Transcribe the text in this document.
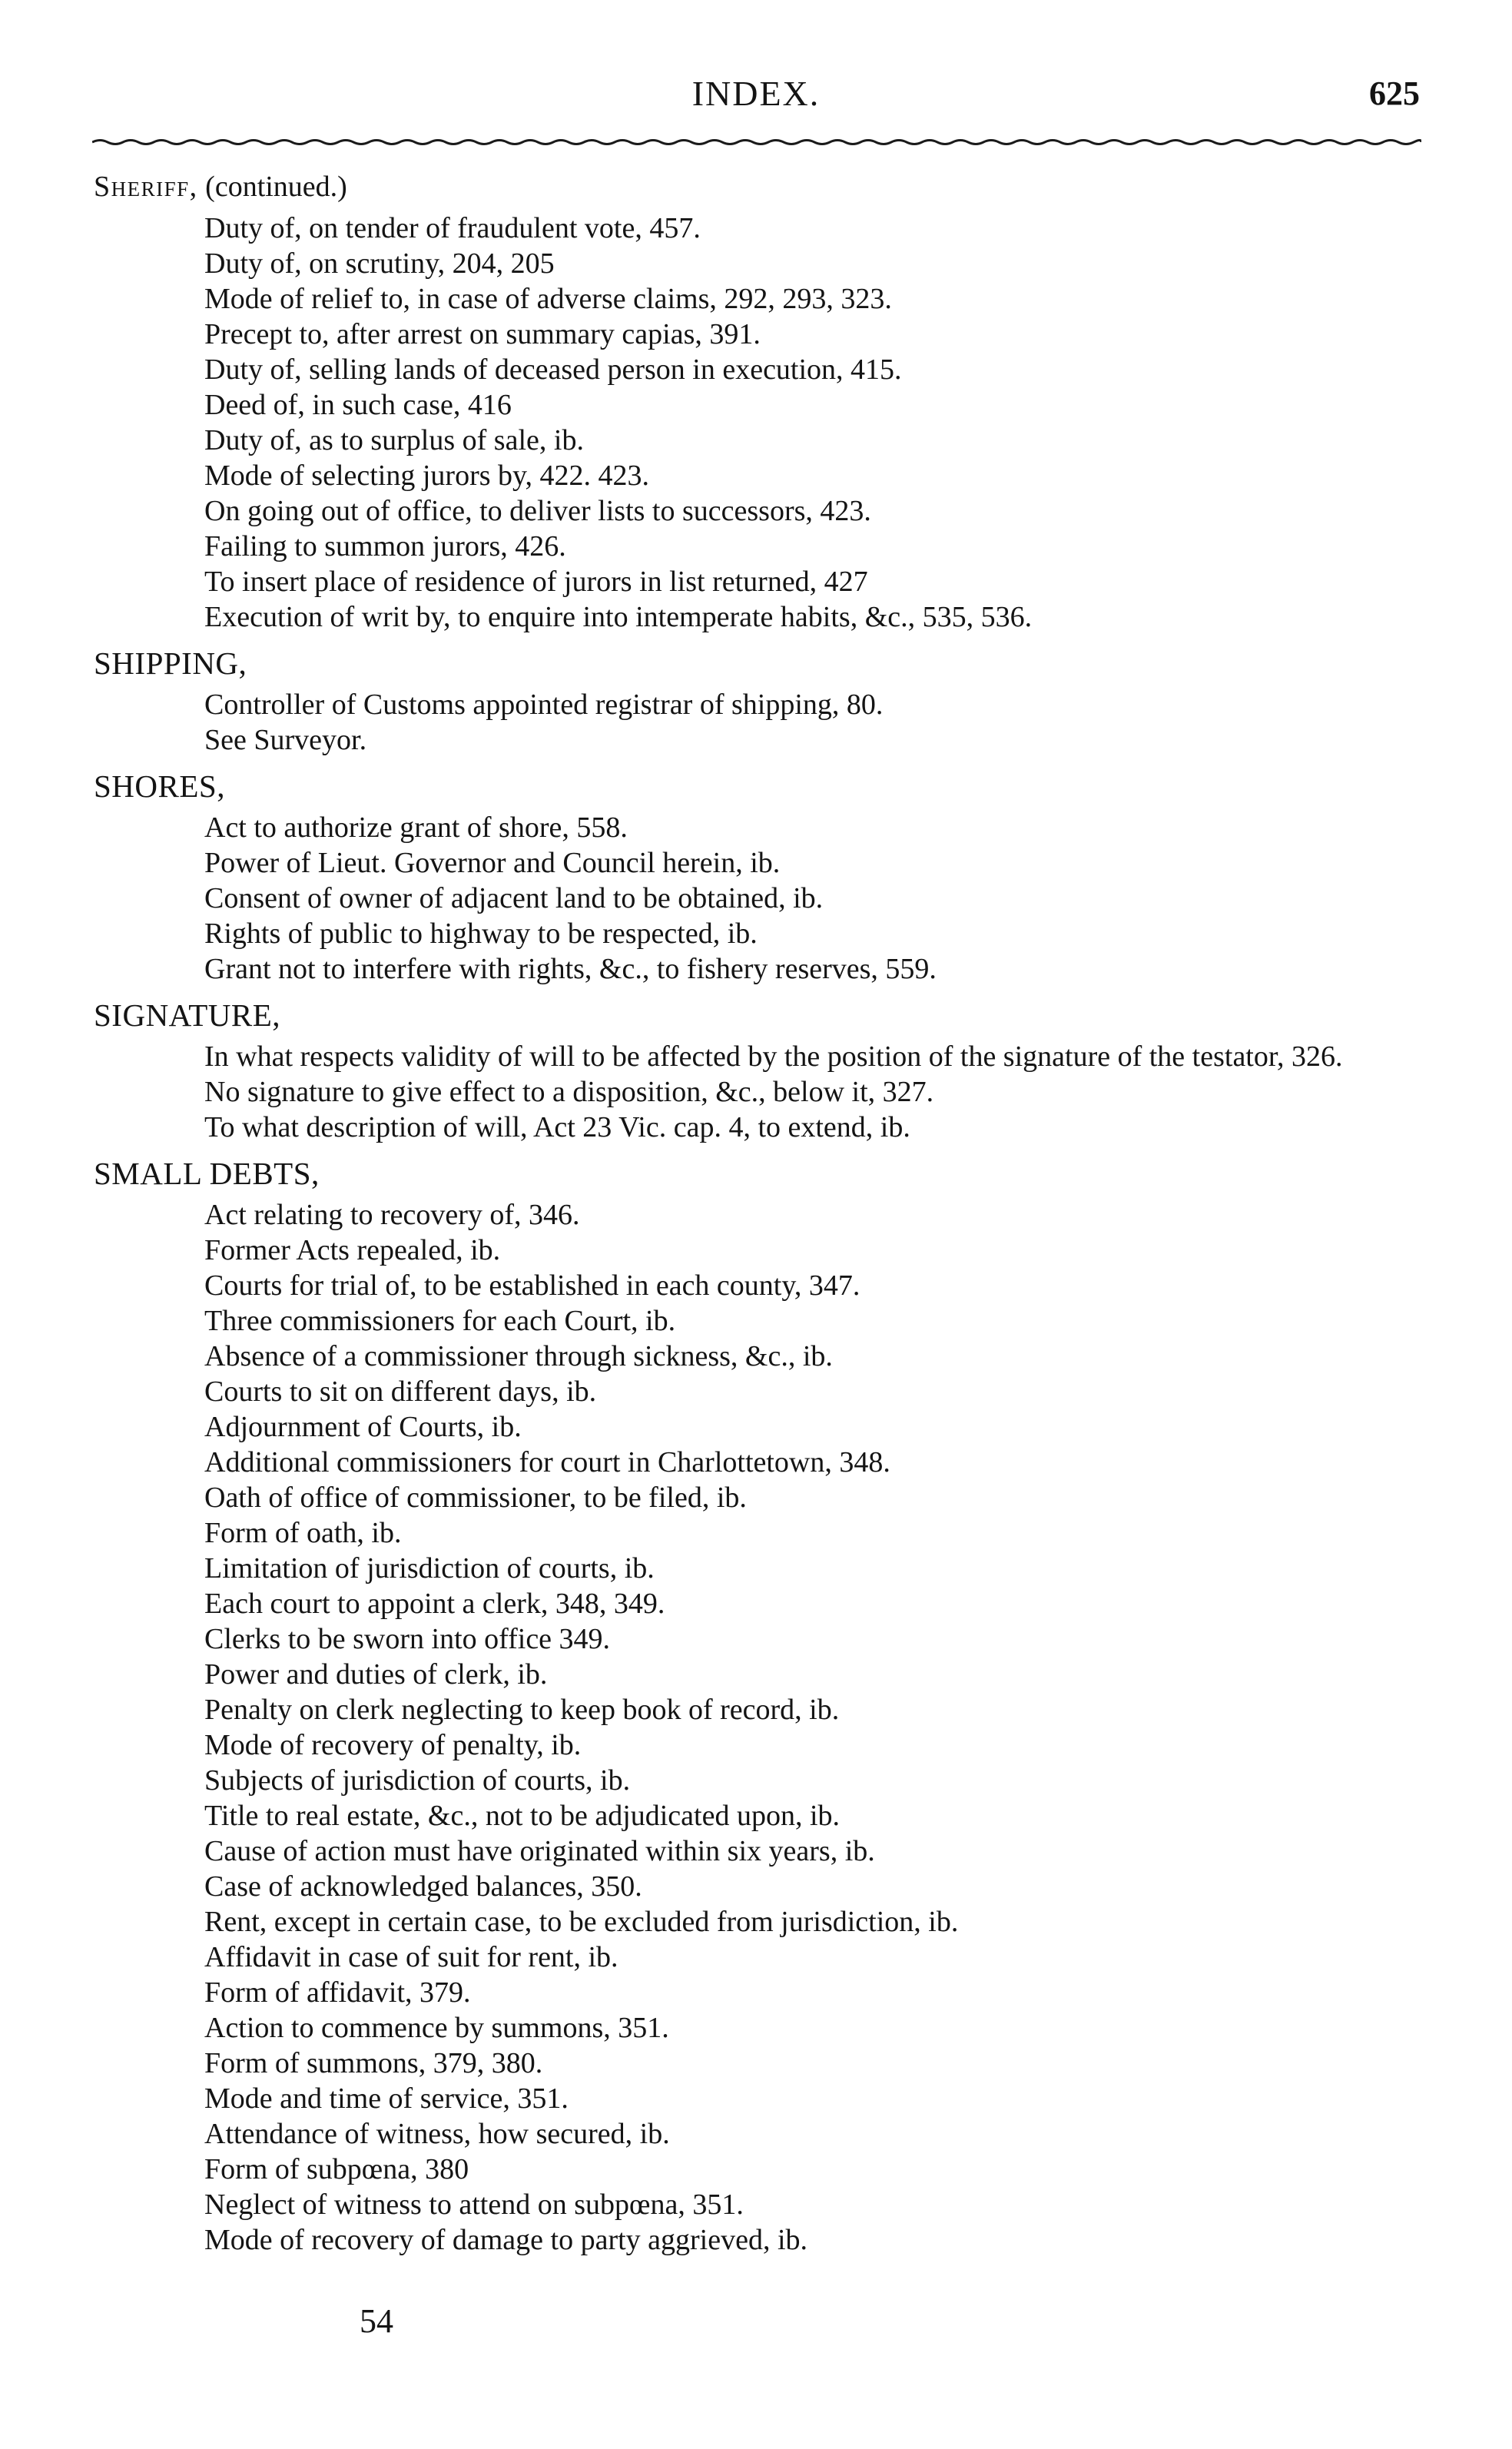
INDEX.	625
Sheriff, (continued.)
Duty of, on tender of fraudulent vote, 457.
Duty of, on scrutiny, 204, 205
Mode of relief to, in case of adverse claims, 292, 293, 323.
Precept to, after arrest on summary capias, 391.
Duty of, selling lands of deceased person in execution, 415.
Deed of, in such case, 416
Duty of, as to surplus of sale, ib.
Mode of selecting jurors by, 422. 423.
On going out of office, to deliver lists to successors, 423.
Failing to summon jurors, 426.
To insert place of residence of jurors in list returned, 427
Execution of writ by, to enquire into intemperate habits, &c., 535, 536.
SHIPPING,
Controller of Customs appointed registrar of shipping, 80.
See Surveyor.
SHORES,
Act to authorize grant of shore, 558.
Power of Lieut. Governor and Council herein, ib.
Consent of owner of adjacent land to be obtained, ib.
Rights of public to highway to be respected, ib.
Grant not to interfere with rights, &c., to fishery reserves, 559.
SIGNATURE,
In what respects validity of will to be affected by the position of the signature of the testator, 326.
No signature to give effect to a disposition, &c., below it, 327.
To what description of will, Act 23 Vic. cap. 4, to extend, ib.
SMALL DEBTS,
Act relating to recovery of, 346.
Former Acts repealed, ib.
Courts for trial of, to be established in each county, 347.
Three commissioners for each Court, ib.
Absence of a commissioner through sickness, &c., ib.
Courts to sit on different days, ib.
Adjournment of Courts, ib.
Additional commissioners for court in Charlottetown, 348.
Oath of office of commissioner, to be filed, ib.
Form of oath, ib.
Limitation of jurisdiction of courts, ib.
Each court to appoint a clerk, 348, 349.
Clerks to be sworn into office 349.
Power and duties of clerk, ib.
Penalty on clerk neglecting to keep book of record, ib.
Mode of recovery of penalty, ib.
Subjects of jurisdiction of courts, ib.
Title to real estate, &c., not to be adjudicated upon, ib.
Cause of action must have originated within six years, ib.
Case of acknowledged balances, 350.
Rent, except in certain case, to be excluded from jurisdiction, ib.
Affidavit in case of suit for rent, ib.
Form of affidavit, 379.
Action to commence by summons, 351.
Form of summons, 379, 380.
Mode and time of service, 351.
Attendance of witness, how secured, ib.
Form of subpœna, 380
Neglect of witness to attend on subpœna, 351.
Mode of recovery of damage to party aggrieved, ib.
54
